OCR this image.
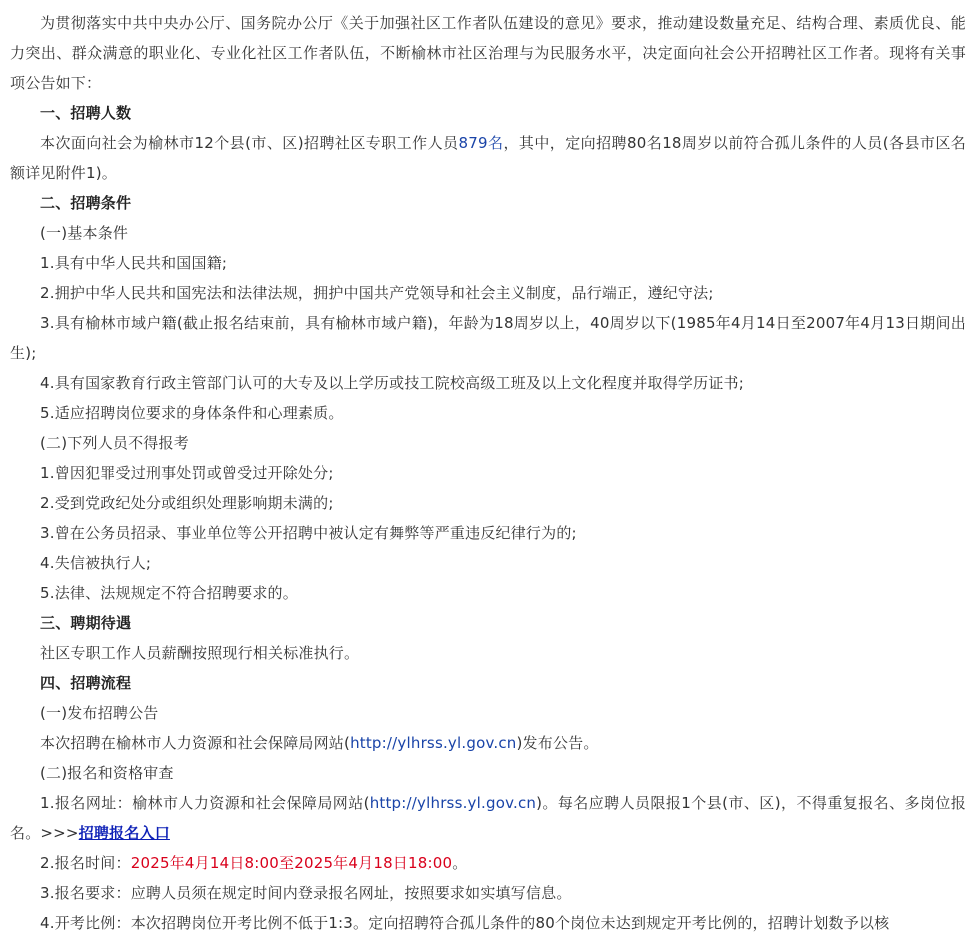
为贯彻落实中共中央办公厅、国务院办公厅《关于加强社区工作者队伍建设的意见》要求，推动建设数量充足、结构合理、素质优良、能力突出、群众满意的职业化、专业化社区工作者队伍，不断榆林市社区治理与为民服务水平，决定面向社会公开招聘社区工作者。现将有关事项公告如下：

一、招聘人数

本次面向社会为榆林市12个县(市、区)招聘社区专职工作人员879名，其中，定向招聘80名18周岁以前符合孤儿条件的人员(各县市区名额详见附件1)。

二、招聘条件

(一)基本条件

1.具有中华人民共和国国籍;

2.拥护中华人民共和国宪法和法律法规，拥护中国共产党领导和社会主义制度，品行端正，遵纪守法;

3.具有榆林市域户籍(截止报名结束前，具有榆林市域户籍)，年龄为18周岁以上，40周岁以下(1985年4月14日至2007年4月13日期间出生);

4.具有国家教育行政主管部门认可的大专及以上学历或技工院校高级工班及以上文化程度并取得学历证书;

5.适应招聘岗位要求的身体条件和心理素质。

(二)下列人员不得报考

1.曾因犯罪受过刑事处罚或曾受过开除处分;

2.受到党政纪处分或组织处理影响期未满的;

3.曾在公务员招录、事业单位等公开招聘中被认定有舞弊等严重违反纪律行为的;

4.失信被执行人;

5.法律、法规规定不符合招聘要求的。

三、聘期待遇

社区专职工作人员薪酬按照现行相关标准执行。

四、招聘流程

(一)发布招聘公告

本次招聘在榆林市人力资源和社会保障局网站(http://ylhrss.yl.gov.cn)发布公告。

(二)报名和资格审查

1.报名网址：榆林市人力资源和社会保障局网站(http://ylhrss.yl.gov.cn)。每名应聘人员限报1个县(市、区)，不得重复报名、多岗位报名。>>>招聘报名入口

2.报名时间：2025年4月14日8:00至2025年4月18日18:00。

3.报名要求：应聘人员须在规定时间内登录报名网址，按照要求如实填写信息。

4.开考比例：本次招聘岗位开考比例不低于1:3。定向招聘符合孤儿条件的80个岗位未达到规定开考比例的，招聘计划数予以核
